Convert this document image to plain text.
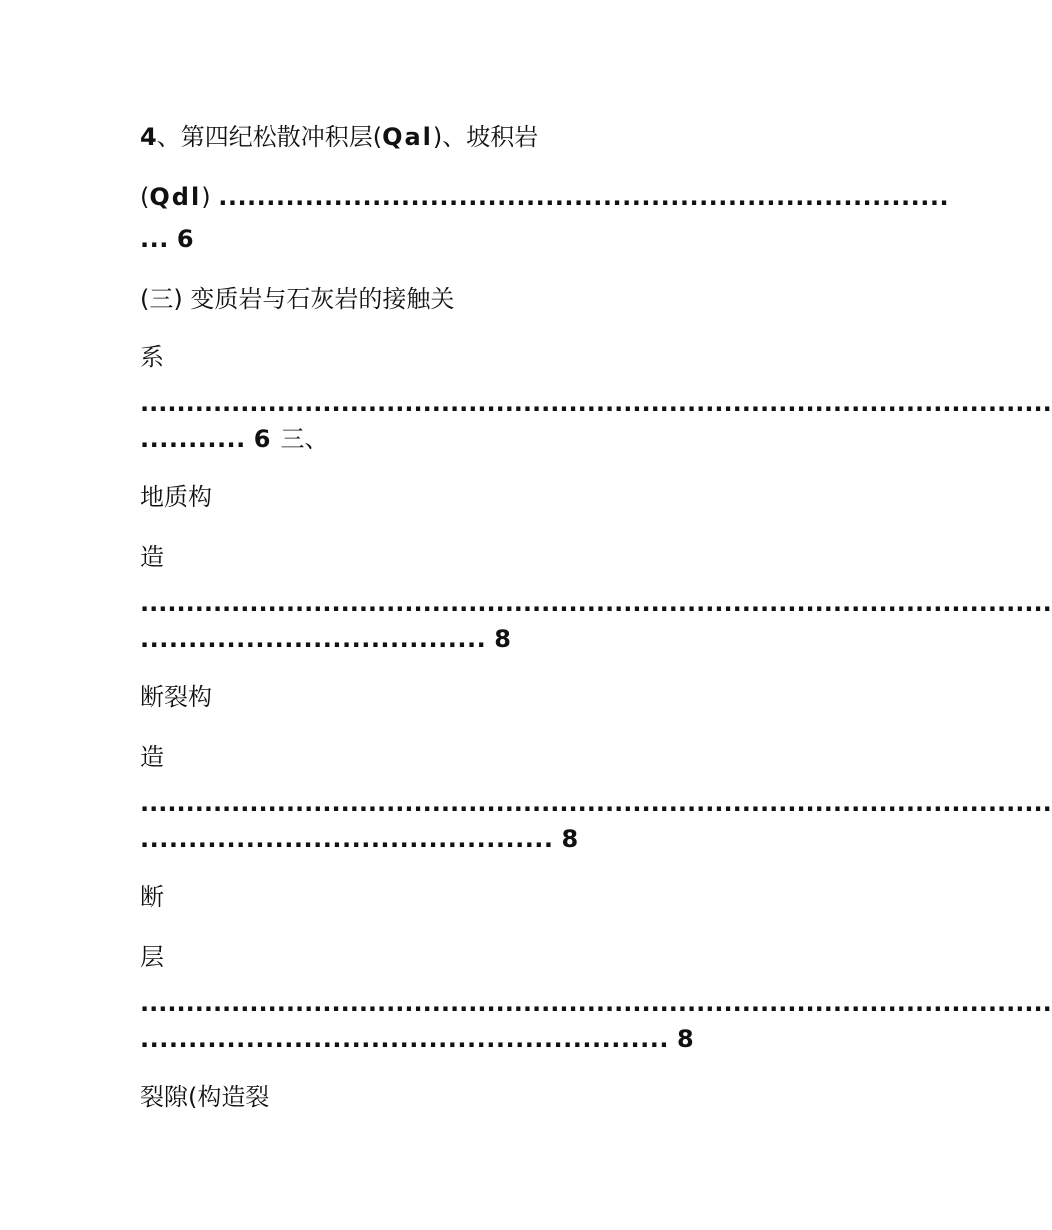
4、第四纪松散冲积层(Qal)、坡积岩
(Qdl) ............................................................................
... 6
(三) 变质岩与石灰岩的接触关
系
....................................................................................................
........... 6 三、
地质构
造
....................................................................................................
.................................... 8
断裂构
造
....................................................................................................
........................................... 8
断
层
....................................................................................................
....................................................... 8
裂隙(构造裂
